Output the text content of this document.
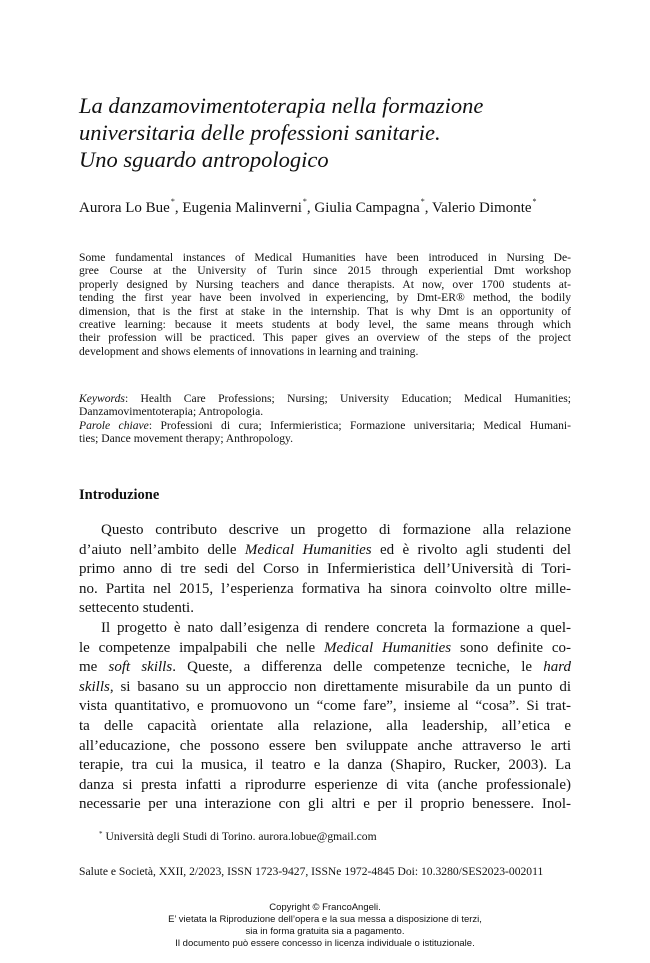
La danzamovimentoterapia nella formazione
universitaria delle professioni sanitarie.
Uno sguardo antropologico
Aurora Lo Bue*, Eugenia Malinverni*, Giulia Campagna*, Valerio Dimonte*
Some fundamental instances of Medical Humanities have been introduced in Nursing De-
gree Course at the University of Turin since 2015 through experiential Dmt workshop
properly designed by Nursing teachers and dance therapists. At now, over 1700 students at-
tending the first year have been involved in experiencing, by Dmt-ER® method, the bodily
dimension, that is the first at stake in the internship. That is why Dmt is an opportunity of
creative learning: because it meets students at body level, the same means through which
their profession will be practiced. This paper gives an overview of the steps of the project
development and shows elements of innovations in learning and training.
Keywords: Health Care Professions; Nursing; University Education; Medical Humanities;
Danzamovimentoterapia; Antropologia.
Parole chiave: Professioni di cura; Infermieristica; Formazione universitaria; Medical Humani-
ties; Dance movement therapy; Anthropology.
Introduzione
Questo contributo descrive un progetto di formazione alla relazione
d’aiuto nell’ambito delle Medical Humanities ed è rivolto agli studenti del
primo anno di tre sedi del Corso in Infermieristica dell’Università di Tori-
no. Partita nel 2015, l’esperienza formativa ha sinora coinvolto oltre mille-
settecento studenti.
Il progetto è nato dall’esigenza di rendere concreta la formazione a quel-
le competenze impalpabili che nelle Medical Humanities sono definite co-
me soft skills. Queste, a differenza delle competenze tecniche, le hard
skills, si basano su un approccio non direttamente misurabile da un punto di
vista quantitativo, e promuovono un “come fare”, insieme al “cosa”. Si trat-
ta delle capacità orientate alla relazione, alla leadership, all’etica e
all’educazione, che possono essere ben sviluppate anche attraverso le arti
terapie, tra cui la musica, il teatro e la danza (Shapiro, Rucker, 2003). La
danza si presta infatti a riprodurre esperienze di vita (anche professionale)
necessarie per una interazione con gli altri e per il proprio benessere. Inol-
* Università degli Studi di Torino. aurora.lobue@gmail.com
Salute e Società, XXII, 2/2023, ISSN 1723-9427, ISSNe 1972-4845 Doi: 10.3280/SES2023-002011
Copyright © FrancoAngeli.
E’ vietata la Riproduzione dell’opera e la sua messa a disposizione di terzi,
sia in forma gratuita sia a pagamento.
Il documento può essere concesso in licenza individuale o istituzionale.
